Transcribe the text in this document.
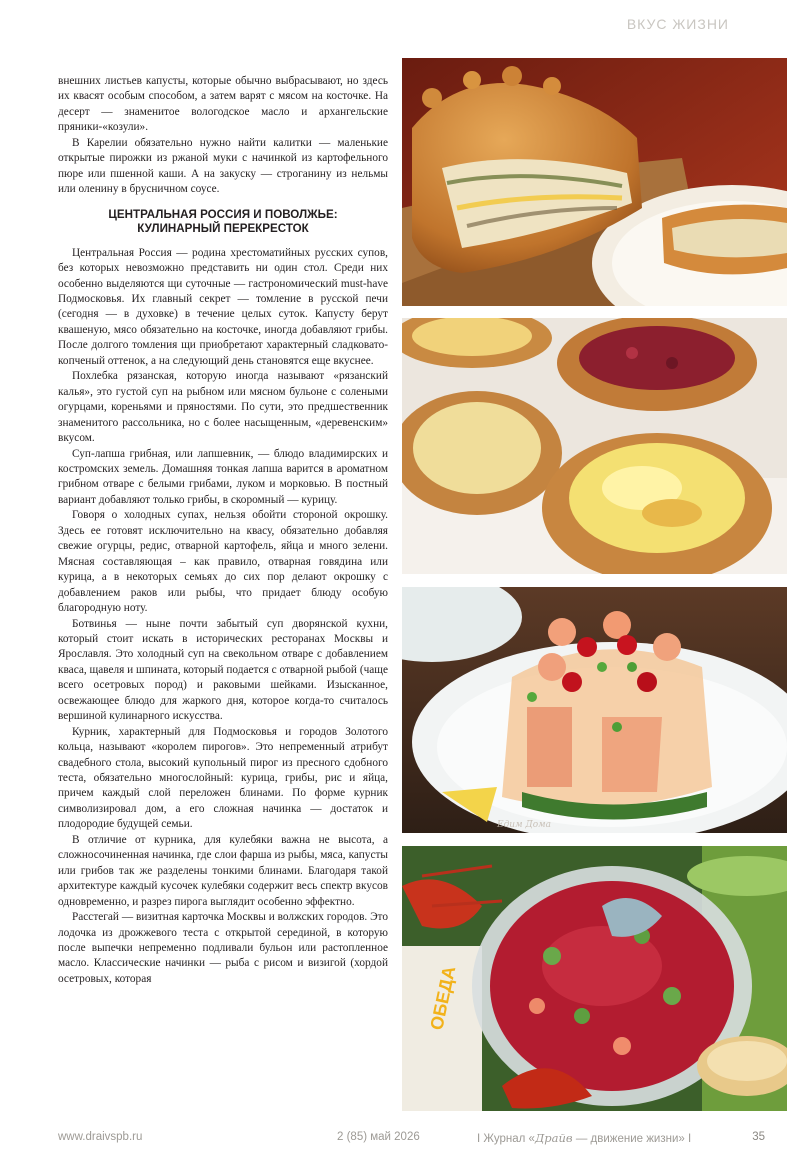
ВКУС ЖИЗНИ

внешних листьев капусты, которые обычно выбрасывают, но здесь их квасят особым способом, а затем варят с мясом на косточке. На десерт — знаменитое вологодское масло и архангельские пряники-«козули».

В Карелии обязательно нужно найти калитки — маленькие открытые пирожки из ржаной муки с начинкой из картофельного пюре или пшенной каши. А на закуску — строганину из нельмы или оленину в брусничном соусе.

ЦЕНТРАЛЬНАЯ РОССИЯ И ПОВОЛЖЬЕ:
КУЛИНАРНЫЙ ПЕРЕКРЕСТОК

Центральная Россия — родина хрестоматийных русских супов, без которых невозможно представить ни один стол. Среди них особенно выделяются щи суточные — гастрономический must-have Подмосковья. Их главный секрет — томление в русской печи (сегодня — в духовке) в течение целых суток. Капусту берут квашеную, мясо обязательно на косточке, иногда добавляют грибы. После долгого томления щи приобретают характерный сладковато-копченый оттенок, а на следующий день становятся еще вкуснее.

Похлебка рязанская, которую иногда называют «рязанский калья», это густой суп на рыбном или мясном бульоне с солеными огурцами, кореньями и пряностями. По сути, это предшественник знаменитого рассольника, но с более насыщенным, «деревенским» вкусом.

Суп-лапша грибная, или лапшевник, — блюдо владимирских и костромских земель. Домашняя тонкая лапша варится в ароматном грибном отваре с белыми грибами, луком и морковью. В постный вариант добавляют только грибы, в скоромный — курицу.

Говоря о холодных супах, нельзя обойти стороной окрошку. Здесь ее готовят исключительно на квасу, обязательно добавляя свежие огурцы, редис, отварной картофель, яйца и много зелени. Мясная составляющая – как правило, отварная говядина или курица, а в некоторых семьях до сих пор делают окрошку с добавлением раков или рыбы, что придает блюду особую благородную ноту.

Ботвинья — ныне почти забытый суп дворянской кухни, который стоит искать в исторических ресторанах Москвы и Ярославля. Это холодный суп на свекольном отваре с добавлением кваса, щавеля и шпината, который подается с отварной рыбой (чаще всего осетровых пород) и раковыми шейками. Изысканное, освежающее блюдо для жаркого дня, которое когда-то считалось вершиной кулинарного искусства.

Курник, характерный для Подмосковья и городов Золотого кольца, называют «королем пирогов». Это непременный атрибут свадебного стола, высокий купольный пирог из пресного сдобного теста, обязательно многослойный: курица, грибы, рис и яйца, причем каждый слой переложен блинами. По форме курник символизировал дом, а его сложная начинка — достаток и плодородие будущей семьи.

В отличие от курника, для кулебяки важна не высота, а сложносочиненная начинка, где слои фарша из рыбы, мяса, капусты или грибов так же разделены тонкими блинами. Благодаря такой архитектуре каждый кусочек кулебяки содержит весь спектр вкусов одновременно, и разрез пирога выглядит особенно эффектно.

Расстегай — визитная карточка Москвы и волжских городов. Это лодочка из дрожжевого теста с открытой серединой, в которую после выпечки непременно подливали бульон или растопленное масло. Классические начинки — рыба с рисом и визигой (хордой осетровых, которая

Едим Дома
ОБЕДА
www.draivspb.ru	2 (85) май 2026	I Журнал «Драйв — движение жизни» I	35
